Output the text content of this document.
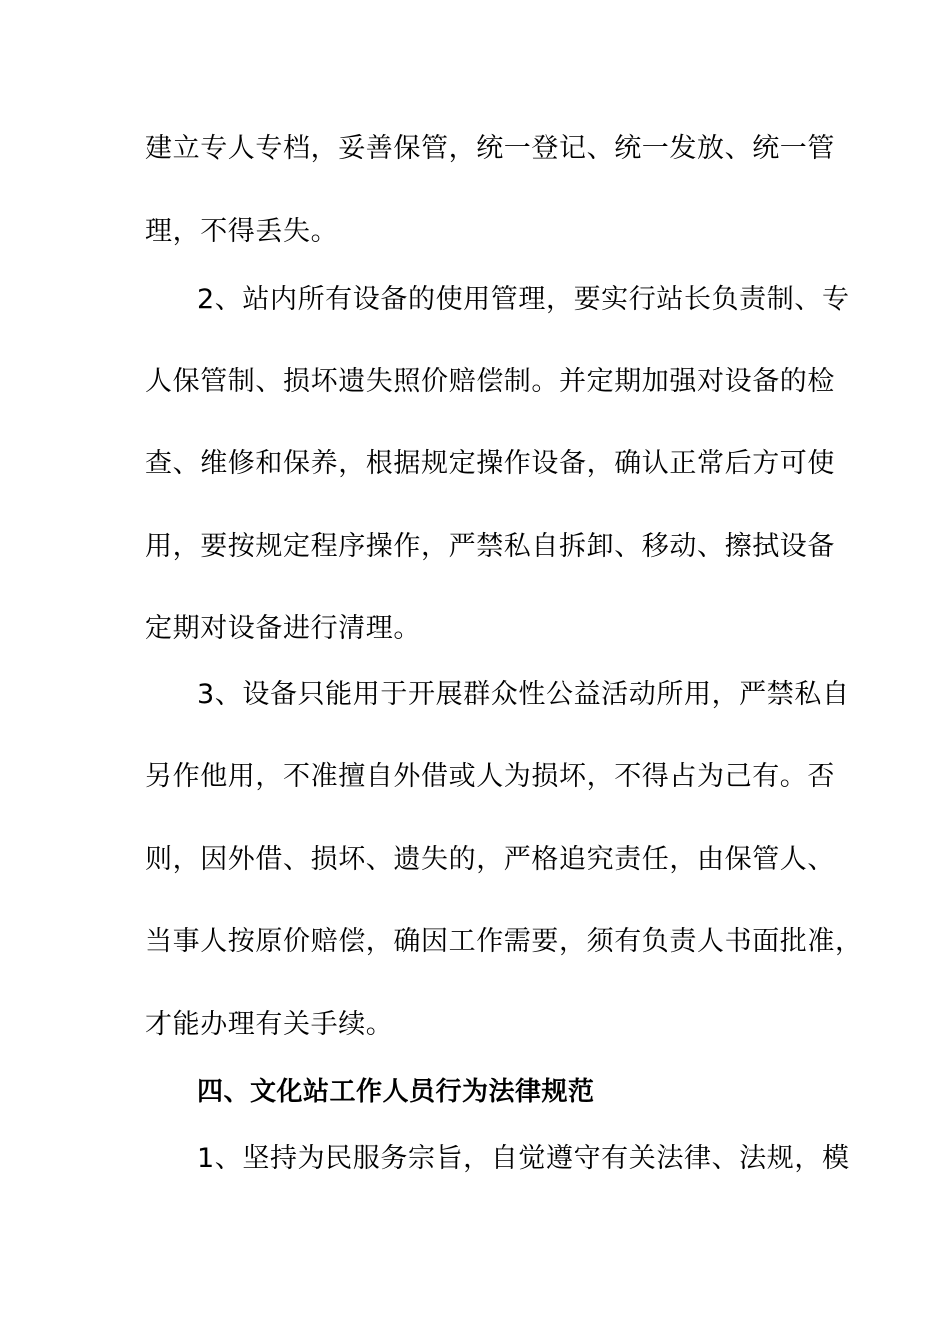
建立专人专档，妥善保管，统一登记、统一发放、统一管
理，不得丢失。
2、站内所有设备的使用管理，要实行站长负责制、专
人保管制、损坏遗失照价赔偿制。并定期加强对设备的检
查、维修和保养，根据规定操作设备，确认正常后方可使
用，要按规定程序操作，严禁私自拆卸、移动、擦拭设备
定期对设备进行清理。
3、设备只能用于开展群众性公益活动所用，严禁私自
另作他用，不准擅自外借或人为损坏，不得占为己有。否
则，因外借、损坏、遗失的，严格追究责任，由保管人、
当事人按原价赔偿，确因工作需要，须有负责人书面批准，
才能办理有关手续。
四、文化站工作人员行为法律规范
1、坚持为民服务宗旨，自觉遵守有关法律、法规，模
